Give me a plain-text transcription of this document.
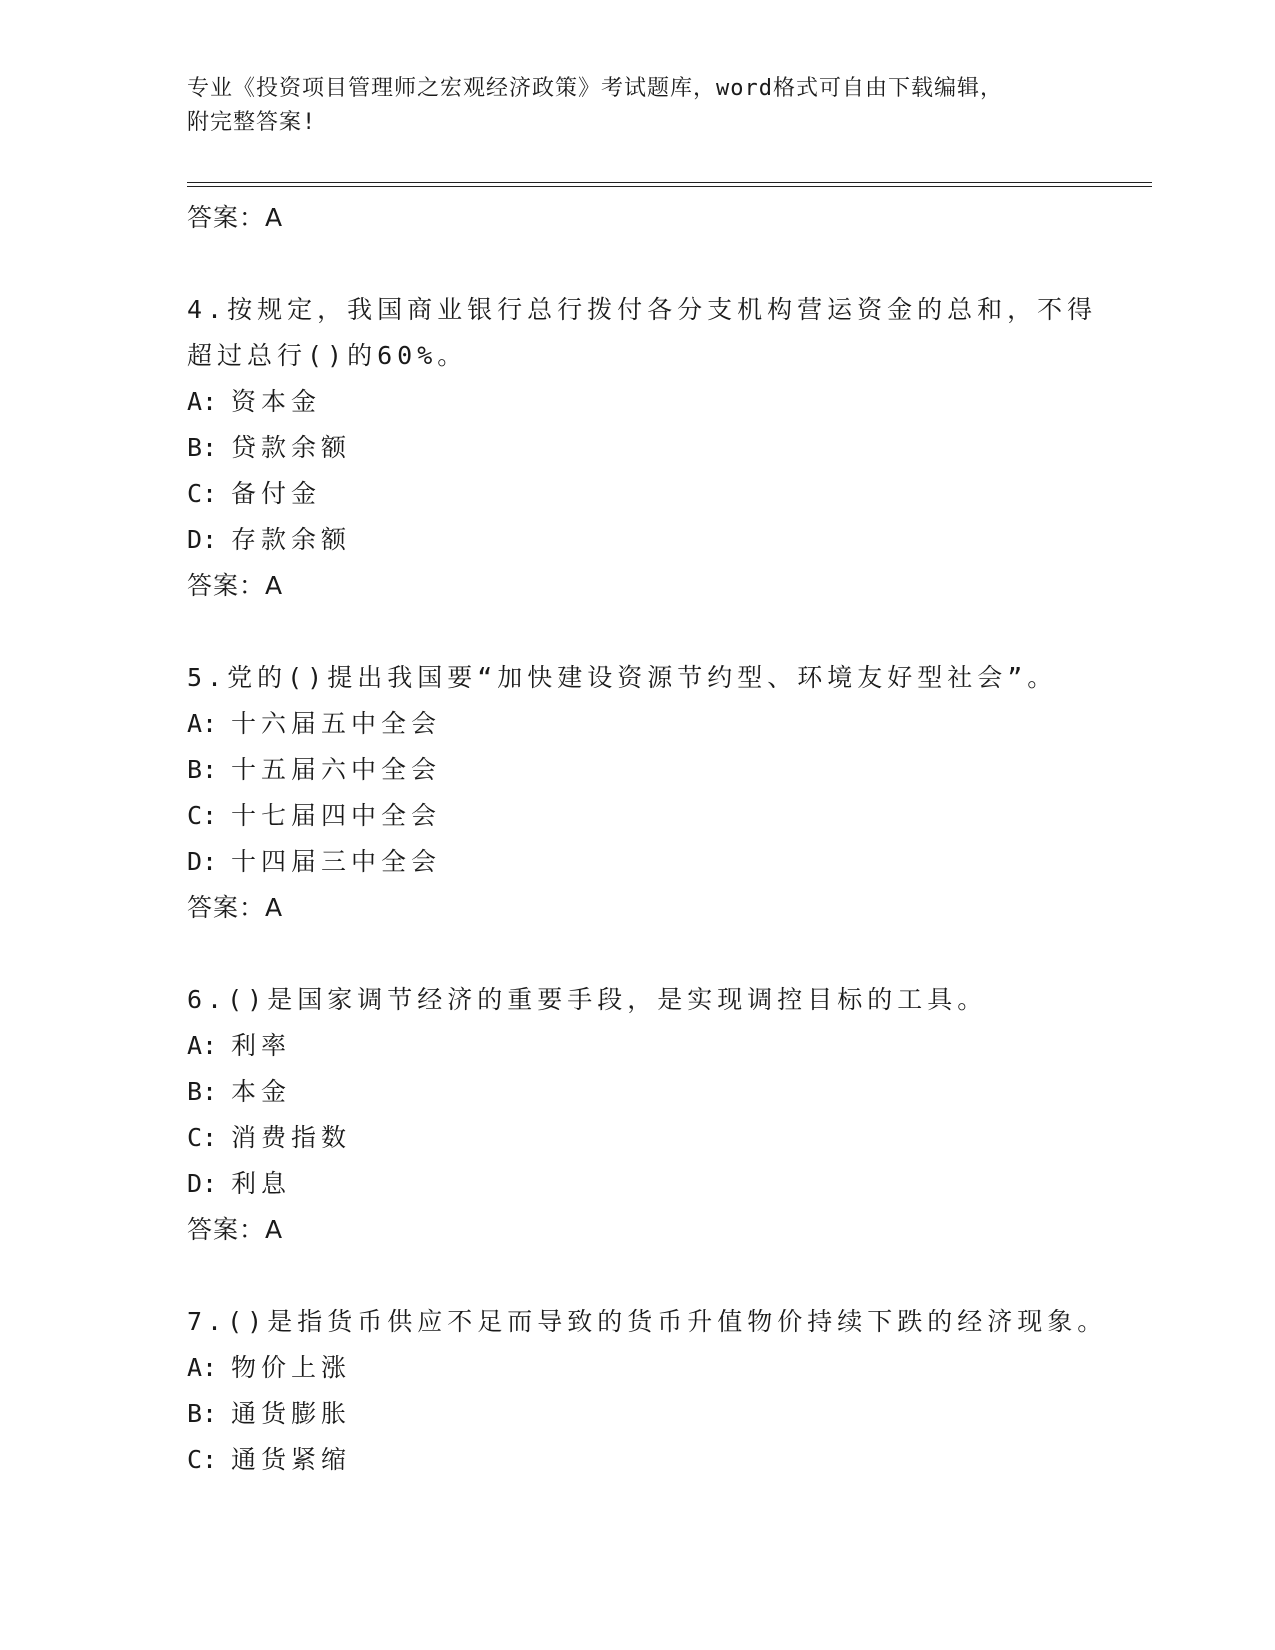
专业《投资项目管理师之宏观经济政策》考试题库，word格式可自由下载编辑，

附完整答案!

答案：A

4.按规定，我国商业银行总行拨付各分支机构营运资金的总和，不得

超过总行()的60%。

A: 资本金
B: 贷款余额
C: 备付金
D: 存款余额

答案：A

5.党的()提出我国要“加快建设资源节约型、环境友好型社会”。

A: 十六届五中全会
B: 十五届六中全会
C: 十七届四中全会
D: 十四届三中全会

答案：A

6.()是国家调节经济的重要手段，是实现调控目标的工具。

A: 利率
B: 本金
C: 消费指数
D: 利息

答案：A

7.()是指货币供应不足而导致的货币升值物价持续下跌的经济现象。

A: 物价上涨
B: 通货膨胀
C: 通货紧缩
